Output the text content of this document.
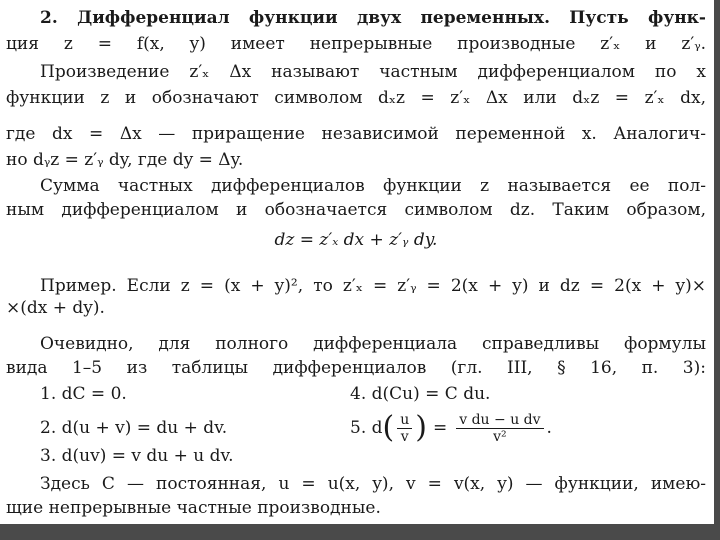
2. Дифференциал функции двух переменных. Пусть функ-
ция z = f(x, y) имеет непрерывные производные z′ₓ и z′ᵧ.
Произведение z′ₓ Δx называют частным дифференциалом по x
функции z и обозначают символом dₓz = z′ₓ Δx или dₓz = z′ₓ dx,
где dx = Δx — приращение независимой переменной x. Аналогич-
но dᵧz = z′ᵧ dy, где dy = Δy.
Сумма частных дифференциалов функции z называется ее пол-
ным дифференциалом и обозначается символом dz. Таким образом,
dz = z′ₓ dx + z′ᵧ dy.
Пример. Если z = (x + y)², то z′ₓ = z′ᵧ = 2(x + y) и dz = 2(x + y)×
×(dx + dy).
Очевидно, для полного дифференциала справедливы формулы
вида 1–5 из таблицы дифференциалов (гл. III, § 16, п. 3):
1. dC = 0.
2. d(u + v) = du + dv.
3. d(uv) = v du + u dv.
4. d(Cu) = C du.
5. d ( $\frac{u}{v}$ ) = $\frac{\text{v du − u dv}}{\text{v²}}$ .
Здесь C — постоянная, u = u(x, y), v = v(x, y) — функции, имею-
щие непрерывные частные производные.
